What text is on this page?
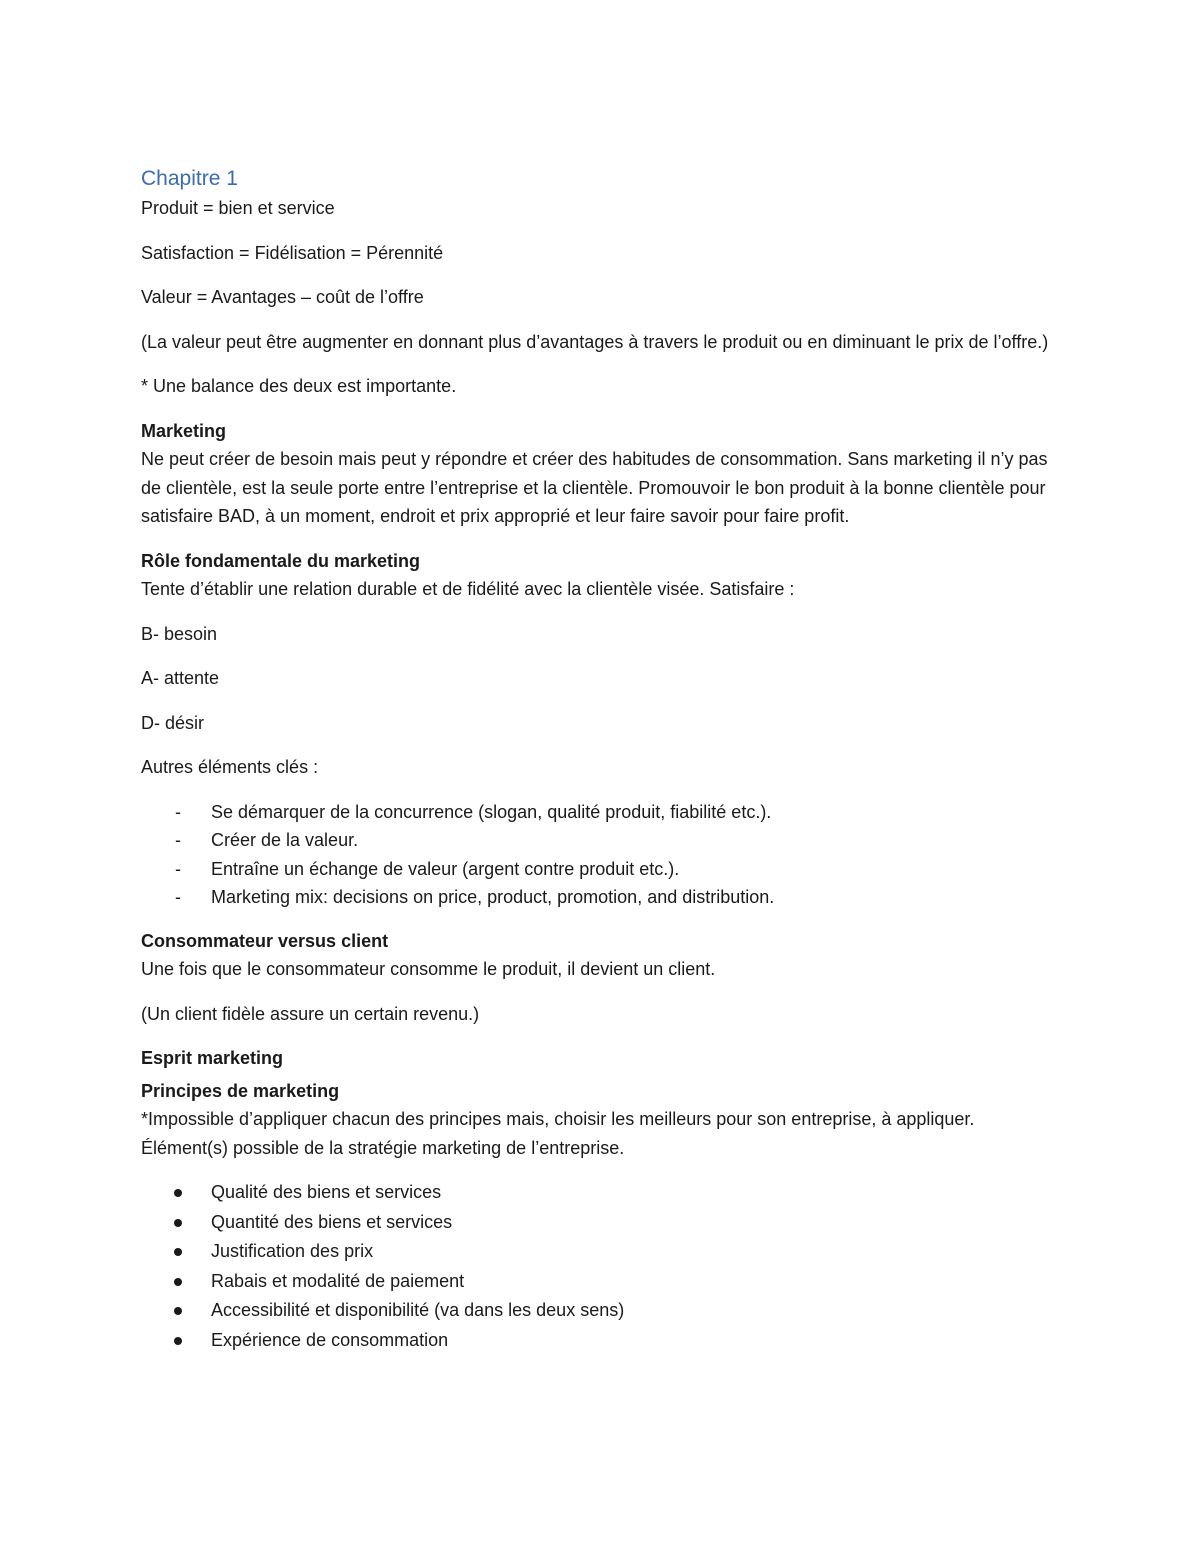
Chapitre 1

Produit = bien et service

Satisfaction = Fidélisation = Pérennité

Valeur = Avantages – coût de l’offre

(La valeur peut être augmenter en donnant plus d’avantages à travers le produit ou en diminuant le prix de l’offre.)

* Une balance des deux est importante.

Marketing

Ne peut créer de besoin mais peut y répondre et créer des habitudes de consommation. Sans marketing il n’y pas de clientèle, est la seule porte entre l’entreprise et la clientèle. Promouvoir le bon produit à la bonne clientèle pour satisfaire BAD, à un moment, endroit et prix approprié et leur faire savoir pour faire profit.

Rôle fondamentale du marketing

Tente d’établir une relation durable et de fidélité avec la clientèle visée. Satisfaire :

B- besoin

A- attente

D- désir

Autres éléments clés :

- Se démarquer de la concurrence (slogan, qualité produit, fiabilité etc.).
- Créer de la valeur.
- Entraîne un échange de valeur (argent contre produit etc.).
- Marketing mix: decisions on price, product, promotion, and distribution.

Consommateur versus client

Une fois que le consommateur consomme le produit, il devient un client.

(Un client fidèle assure un certain revenu.)

Esprit marketing

Principes de marketing

*Impossible d’appliquer chacun des principes mais, choisir les meilleurs pour son entreprise, à appliquer. Élément(s) possible de la stratégie marketing de l’entreprise.

Qualité des biens et services
Quantité des biens et services
Justification des prix
Rabais et modalité de paiement
Accessibilité et disponibilité (va dans les deux sens)
Expérience de consommation
